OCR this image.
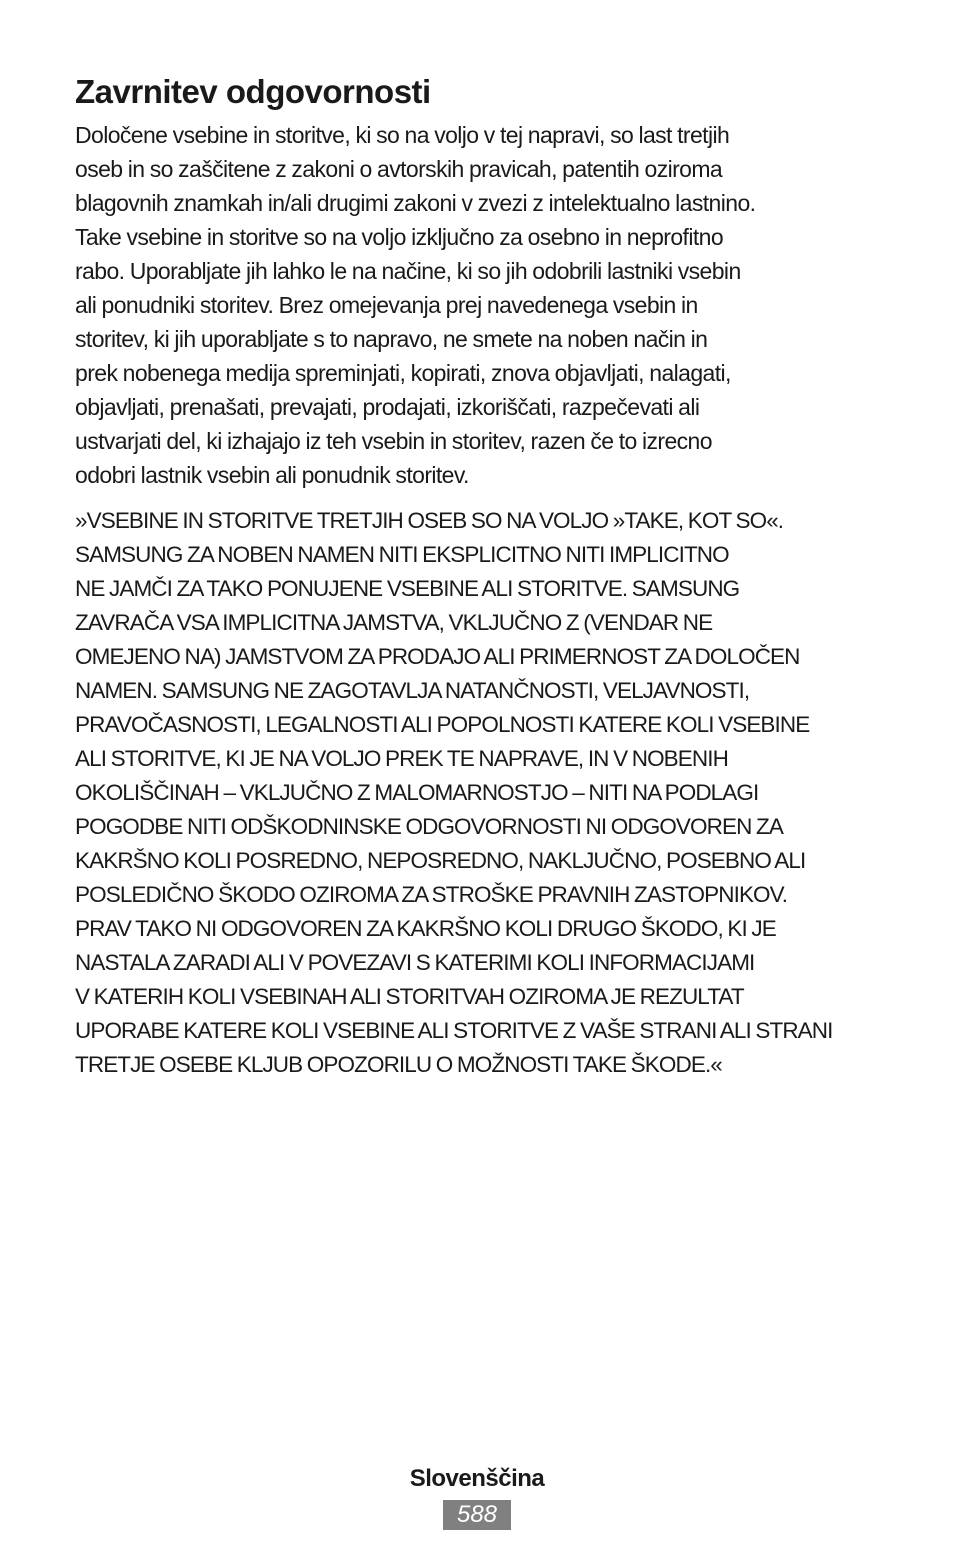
Zavrnitev odgovornosti

Določene vsebine in storitve, ki so na voljo v tej napravi, so last tretjih
oseb in so zaščitene z zakoni o avtorskih pravicah, patentih oziroma
blagovnih znamkah in/ali drugimi zakoni v zvezi z intelektualno lastnino.
Take vsebine in storitve so na voljo izključno za osebno in neprofitno
rabo. Uporabljate jih lahko le na načine, ki so jih odobrili lastniki vsebin
ali ponudniki storitev. Brez omejevanja prej navedenega vsebin in
storitev, ki jih uporabljate s to napravo, ne smete na noben način in
prek nobenega medija spreminjati, kopirati, znova objavljati, nalagati,
objavljati, prenašati, prevajati, prodajati, izkoriščati, razpečevati ali
ustvarjati del, ki izhajajo iz teh vsebin in storitev, razen če to izrecno
odobri lastnik vsebin ali ponudnik storitev.

»VSEBINE IN STORITVE TRETJIH OSEB SO NA VOLJO »TAKE, KOT SO«.
SAMSUNG ZA NOBEN NAMEN NITI EKSPLICITNO NITI IMPLICITNO
NE JAMČI ZA TAKO PONUJENE VSEBINE ALI STORITVE. SAMSUNG
ZAVRAČA VSA IMPLICITNA JAMSTVA, VKLJUČNO Z (VENDAR NE
OMEJENO NA) JAMSTVOM ZA PRODAJO ALI PRIMERNOST ZA DOLOČEN
NAMEN. SAMSUNG NE ZAGOTAVLJA NATANČNOSTI, VELJAVNOSTI,
PRAVOČASNOSTI, LEGALNOSTI ALI POPOLNOSTI KATERE KOLI VSEBINE
ALI STORITVE, KI JE NA VOLJO PREK TE NAPRAVE, IN V NOBENIH
OKOLIŠČINAH – VKLJUČNO Z MALOMARNOSTJO – NITI NA PODLAGI
POGODBE NITI ODŠKODNINSKE ODGOVORNOSTI NI ODGOVOREN ZA
KAKRŠNO KOLI POSREDNO, NEPOSREDNO, NAKLJUČNO, POSEBNO ALI
POSLEDIČNO ŠKODO OZIROMA ZA STROŠKE PRAVNIH ZASTOPNIKOV.
PRAV TAKO NI ODGOVOREN ZA KAKRŠNO KOLI DRUGO ŠKODO, KI JE
NASTALA ZARADI ALI V POVEZAVI S KATERIMI KOLI INFORMACIJAMI
V KATERIH KOLI VSEBINAH ALI STORITVAH OZIROMA JE REZULTAT
UPORABE KATERE KOLI VSEBINE ALI STORITVE Z VAŠE STRANI ALI STRANI
TRETJE OSEBE KLJUB OPOZORILU O MOŽNOSTI TAKE ŠKODE.«

Slovenščina
588
